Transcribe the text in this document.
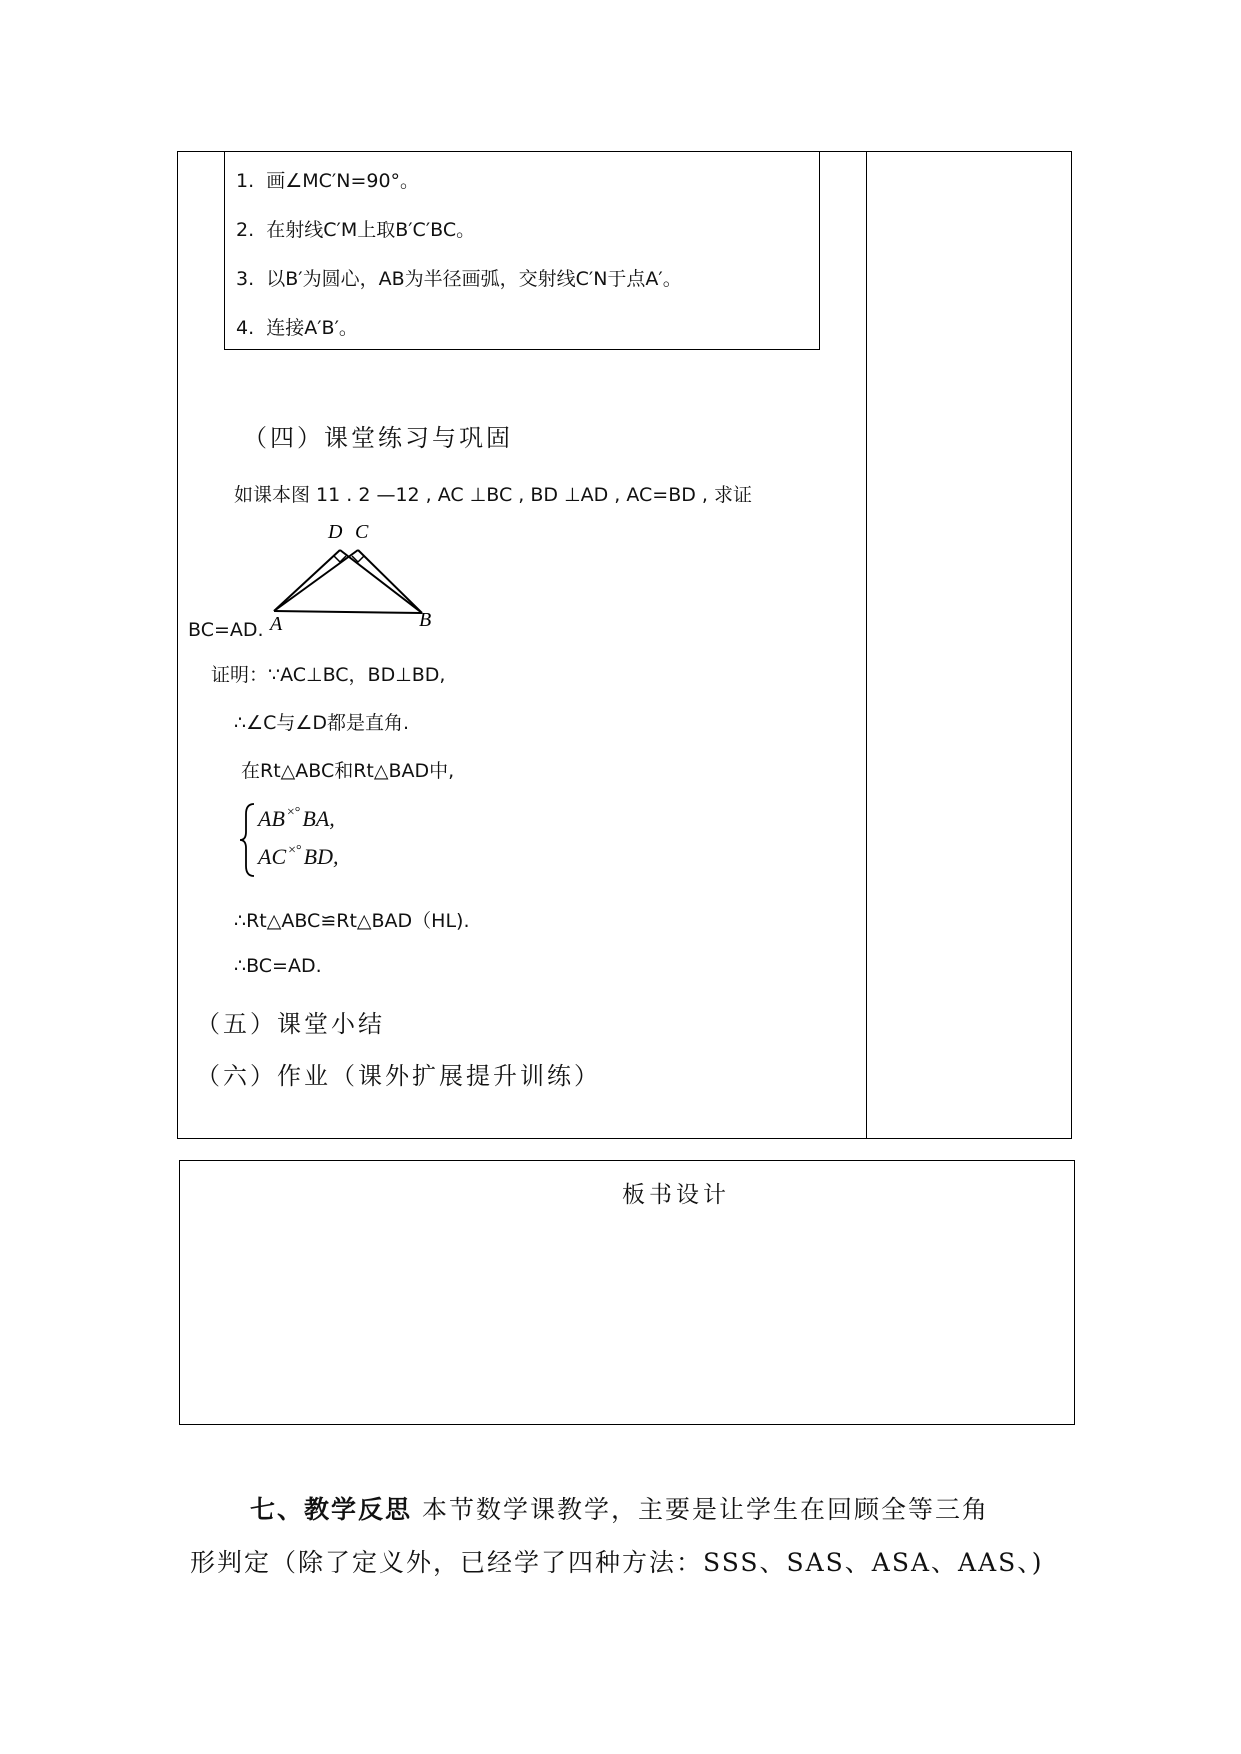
1. 画∠MC′N=90°。
2. 在射线C′M上取B′C′BC。
3. 以B′为圆心，AB为半径画弧，交射线C′N于点A′。
4. 连接A′B′。
（四）课堂练习与巩固
如课本图 11 . 2 —12 , AC ⊥BC , BD ⊥AD , AC=BD , 求证
D C
A	B
BC=AD.
证明：∵AC⊥BC，BD⊥BD,
∴∠C与∠D都是直角.
在Rt△ABC和Rt△BAD中,
AB ×°BA,
AC ×°BD,
∴Rt△ABC≌Rt△BAD（HL).
∴BC=AD.
（五）课堂小结
（六）作业（课外扩展提升训练）
板书设计
七、教学反思 本节数学课教学，主要是让学生在回顾全等三角
形判定（除了定义外，已经学了四种方法：SSS、SAS、ASA、AAS、)
